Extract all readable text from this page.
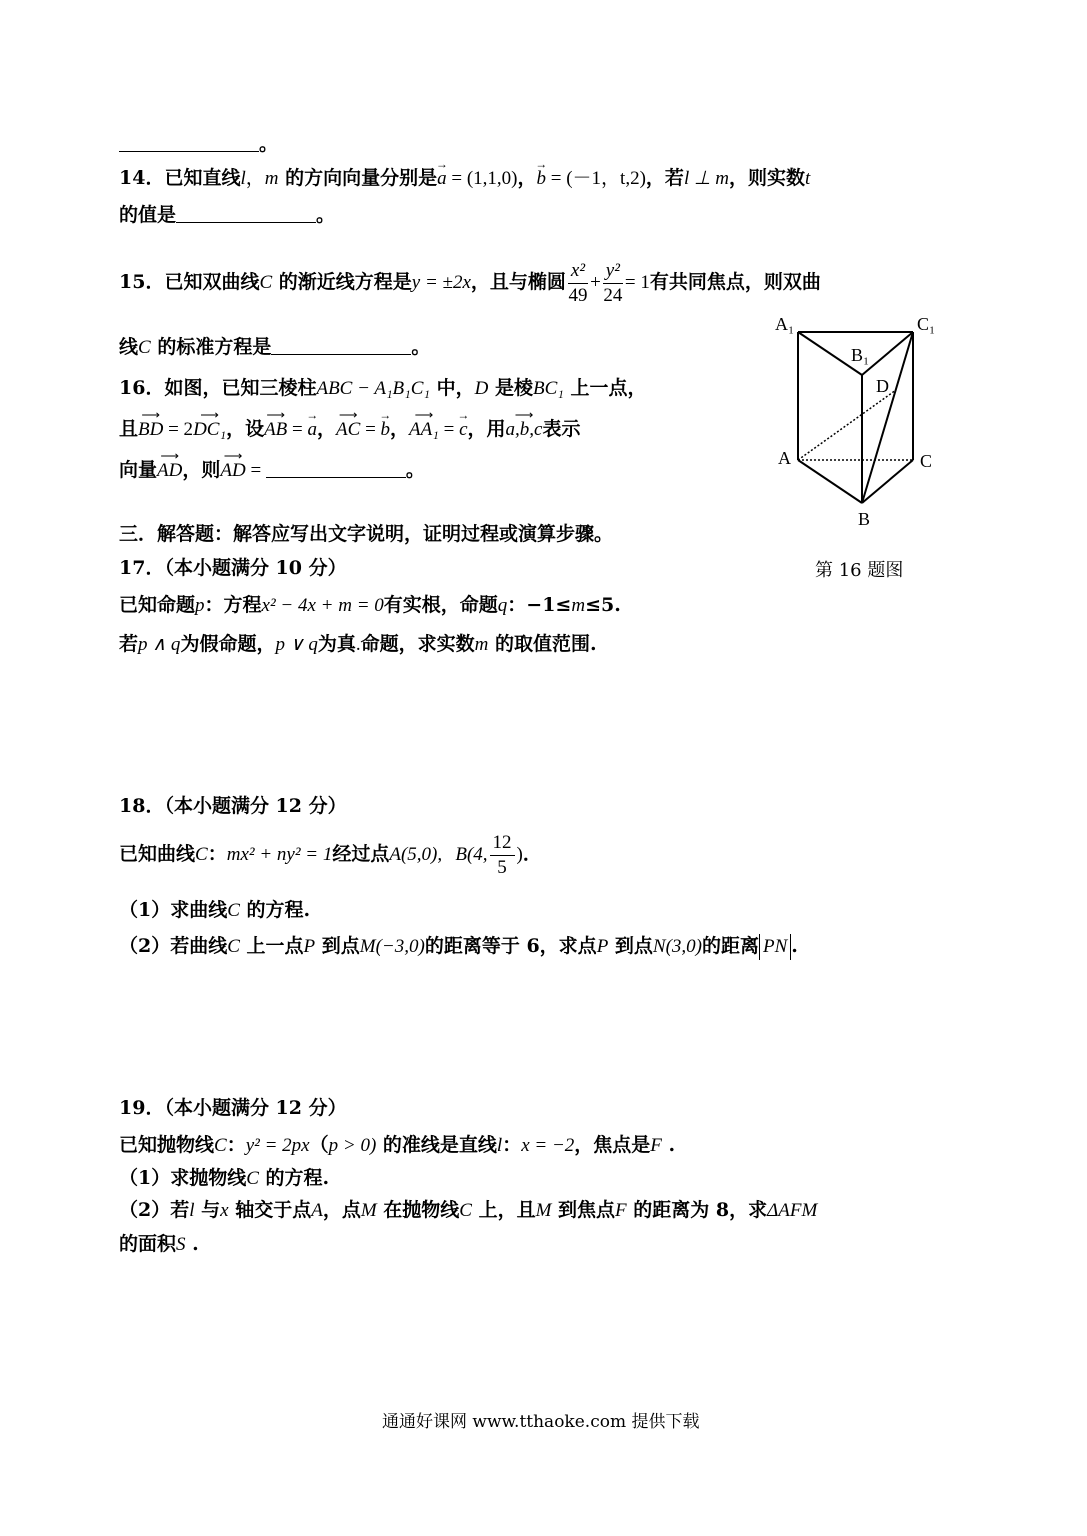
。
14．已知直线l，m 的方向向量分别是→ a = (1,1,0)，→ b = (－1，t,2)，若l ⊥ m，则实数t
的值是	。
15．已知双曲线C 的渐近线方程是y = ±2x，且与椭圆 $\frac{\text{x²}}{49} + \frac{\text{y²}}{24} = 1$有共同焦点，则双曲
线C 的标准方程是	。
16．如图，已知三棱柱ABC − A₁B₁C₁ 中，D 是棱BC₁ 上一点，
且⟶ BD = 2⟶ DC₁，设⟶ AB = → a，⟶ AC = → b，⟶ AA₁ = → c，用⟶ a,b,c表示
向量⟶ AD，则⟶ AD =	。
A₁	C₁
B₁
D
A	C
B
第 16 题图
三．解答题：解答应写出文字说明，证明过程或演算步骤。
17．（本小题满分 10 分）
已知命题p：方程x² − 4x + m = 0有实根，命题q：−1≤m≤5.
若p ∧ q为假命题，p ∨ q为真.命题，求实数m 的取值范围.
18．（本小题满分 12 分）
已知曲线C：mx² + ny² = 1经过点A(5,0), B(4, $\frac{12}{5}$ )．
（1）求曲线C 的方程.
（2）若曲线C 上一点P 到点M(−3,0)的距离等于 6，求点P 到点N(3,0)的距离 PN .
19．（本小题满分 12 分）
已知抛物线C：y² = 2px（p > 0) 的准线是直线l：x = −2，焦点是F .
（1）求抛物线C 的方程.
（2）若l 与x 轴交于点A，点M 在抛物线C 上，且M 到焦点F 的距离为 8，求ΔAFM
的面积S .
通通好课网 www.tthaoke.com 提供下载
